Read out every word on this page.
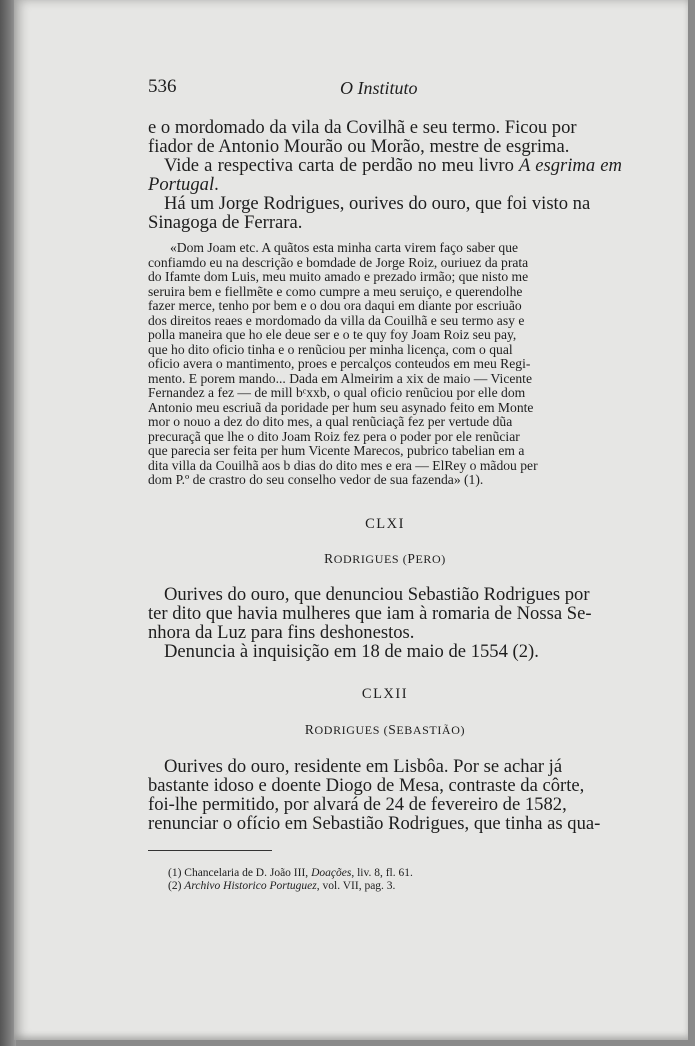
536	O Instituto

e o mordomado da vila da Covilhã e seu termo. Ficou por

fiador de Antonio Mourão ou Morão, mestre de esgrima.

Vide a respectiva carta de perdão no meu livro A esgrima em Portugal.

Há um Jorge Rodrigues, ourives do ouro, que foi visto na

Sinagoga de Ferrara.

«Dom Joam etc. A quãtos esta minha carta virem faço saber que

confiamdo eu na descrição e bomdade de Jorge Roiz, ouriuez da prata

do Ifamte dom Luis, meu muito amado e prezado irmão; que nisto me

seruira bem e fiellmẽte e como cumpre a meu seruiço, e querendolhe

fazer merce, tenho por bem e o dou ora daqui em diante por escriuão

dos direitos reaes e mordomado da villa da Couilhã e seu termo asy e

polla maneira que ho ele deue ser e o te quy foy Joam Roiz seu pay,

que ho dito oficio tinha e o renũciou per minha licença, com o qual

oficio avera o mantimento, proes e percalços conteudos em meu Regi-

mento. E porem mando... Dada em Almeirim a xix de maio — Vicente

Fernandez a fez — de mill bᶜxxb, o qual oficio renũciou por elle dom

Antonio meu escriuã da poridade per hum seu asynado feito em Monte

mor o nouo a dez do dito mes, a qual renũciaçã fez per vertude dũa

precuraçã que lhe o dito Joam Roiz fez pera o poder por ele renũciar

que parecia ser feita per hum Vicente Marecos, pubrico tabelian em a

dita villa da Couilhã aos b dias do dito mes e era — ElRey o mãdou per

dom P.º de crastro do seu conselho vedor de sua fazenda» (1).

CLXI

RODRIGUES (PERO)

Ourives do ouro, que denunciou Sebastião Rodrigues por

ter dito que havia mulheres que iam à romaria de Nossa Se-

nhora da Luz para fins deshonestos.

Denuncia à inquisição em 18 de maio de 1554 (2).

CLXII

RODRIGUES (SEBASTIÃO)

Ourives do ouro, residente em Lisbôa. Por se achar já

bastante idoso e doente Diogo de Mesa, contraste da côrte,

foi-lhe permitido, por alvará de 24 de fevereiro de 1582,

renunciar o ofício em Sebastião Rodrigues, que tinha as qua-

(1) Chancelaria de D. João III, Doações, liv. 8, fl. 61.

(2) Archivo Historico Portuguez, vol. VII, pag. 3.
